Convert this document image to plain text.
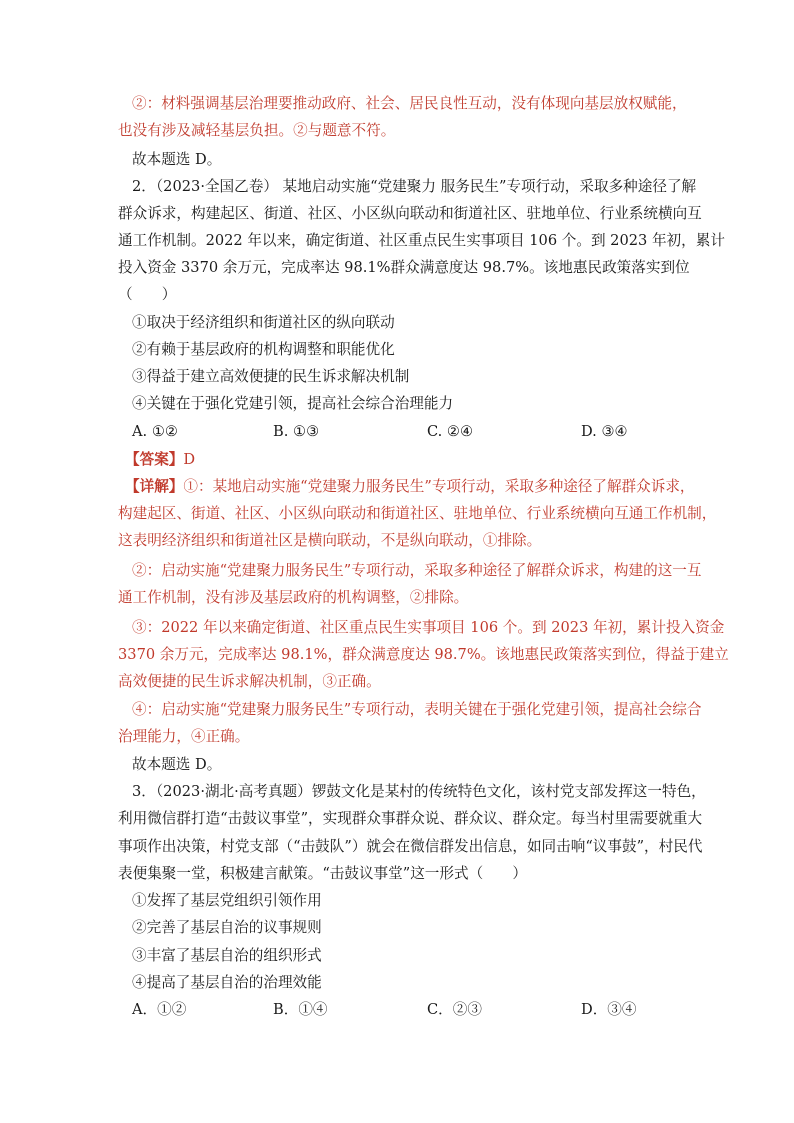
②：材料强调基层治理要推动政府、社会、居民良性互动，没有体现向基层放权赋能，
也没有涉及减轻基层负担。②与题意不符。
故本题选 D。
2．（2023·全国乙卷） 某地启动实施“党建聚力 服务民生”专项行动，采取多种途径了解
群众诉求，构建起区、街道、社区、小区纵向联动和街道社区、驻地单位、行业系统横向互
通工作机制。2022 年以来，确定街道、社区重点民生实事项目 106 个。到 2023 年初，累计
投入资金 3370 余万元，完成率达 98.1%群众满意度达 98.7%。该地惠民政策落实到位
（　　）
①取决于经济组织和街道社区的纵向联动
②有赖于基层政府的机构调整和职能优化
③得益于建立高效便捷的民生诉求解决机制
④关键在于强化党建引领，提高社会综合治理能力
A. ①②	B. ①③	C. ②④	D. ③④
【答案】D
【详解】①：某地启动实施“党建聚力服务民生”专项行动，采取多种途径了解群众诉求，
构建起区、街道、社区、小区纵向联动和街道社区、驻地单位、行业系统横向互通工作机制，
这表明经济组织和街道社区是横向联动，不是纵向联动，①排除。
②：启动实施“党建聚力服务民生”专项行动，采取多种途径了解群众诉求，构建的这一互
通工作机制，没有涉及基层政府的机构调整，②排除。
③：2022 年以来确定街道、社区重点民生实事项目 106 个。到 2023 年初，累计投入资金
3370 余万元，完成率达 98.1%，群众满意度达 98.7%。该地惠民政策落实到位，得益于建立
高效便捷的民生诉求解决机制，③正确。
④：启动实施“党建聚力服务民生”专项行动，表明关键在于强化党建引领，提高社会综合
治理能力，④正确。
故本题选 D。
3．（2023·湖北·高考真题）锣鼓文化是某村的传统特色文化，该村党支部发挥这一特色，
利用微信群打造“击鼓议事堂”，实现群众事群众说、群众议、群众定。每当村里需要就重大
事项作出决策，村党支部（“击鼓队”）就会在微信群发出信息，如同击响“议事鼓”，村民代
表便集聚一堂，积极建言献策。“击鼓议事堂”这一形式（　　）
①发挥了基层党组织引领作用
②完善了基层自治的议事规则
③丰富了基层自治的组织形式
④提高了基层自治的治理效能
A．①②	B．①④	C．②③	D．③④
